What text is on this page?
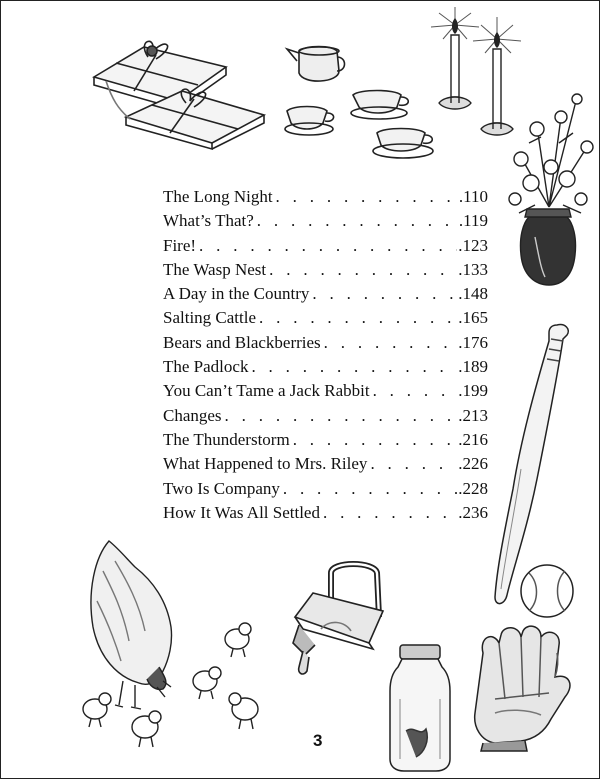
The Long Night . . .	.110
What’s That? . . .	.119
Fire! . . .	.123
The Wasp Nest . . .	.133
A Day in the Country . . .	.148
Salting Cattle . . .	.165
Bears and Blackberries . . .	.176
The Padlock . . .	.189
You Can’t Tame a Jack Rabbit . . .	.199
Changes . . .	.213
The Thunderstorm . . .	.216
What Happened to Mrs. Riley . . .	.226
Two Is Company . . .	.228
How It Was All Settled . . .	.236
3
